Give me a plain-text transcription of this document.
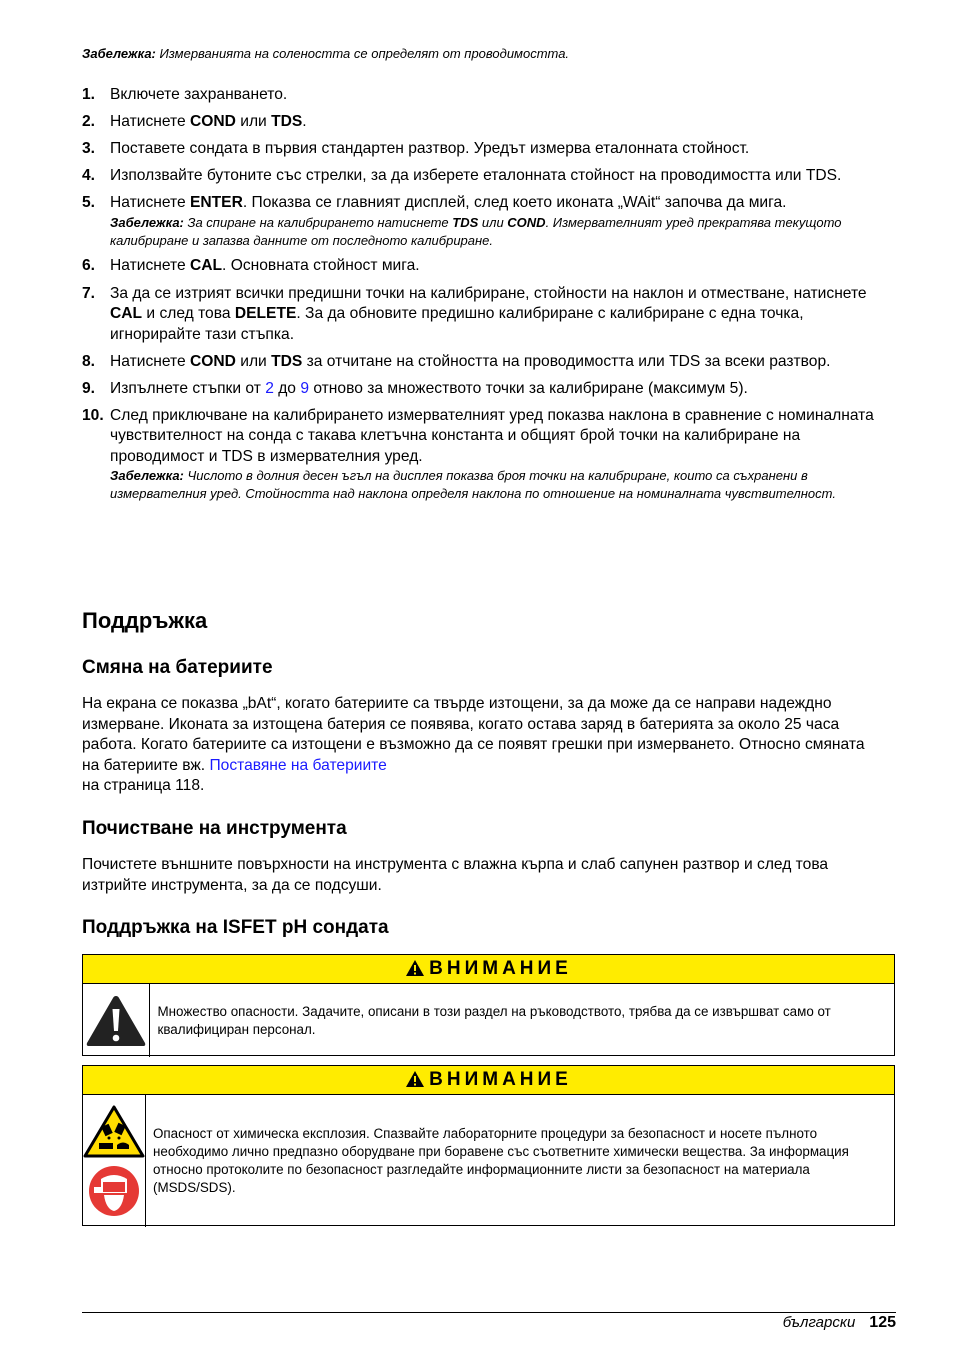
Забележка: Измерванията на солеността се определят от проводимостта.
1. Включете захранването.
2. Натиснете COND или TDS.
3. Поставете сондата в първия стандартен разтвор. Уредът измерва еталонната стойност.
4. Използвайте бутоните със стрелки, за да изберете еталонната стойност на проводимостта или TDS.
5. Натиснете ENTER. Показва се главният дисплей, след което иконата „WAit“ започва да мига.
Забележка: За спиране на калибрирането натиснете TDS или COND. Измервателният уред прекратява текущото калибриране и запазва данните от последното калибриране.
6. Натиснете CAL. Основната стойност мига.
7. За да се изтрият всички предишни точки на калибриране, стойности на наклон и отместване, натиснете CAL и след това DELETE. За да обновите предишно калибриране с калибриране с една точка, игнорирайте тази стъпка.
8. Натиснете COND или TDS за отчитане на стойността на проводимостта или TDS за всеки разтвор.
9. Изпълнете стъпки от 2 до 9 отново за множеството точки за калибриране (максимум 5).
10. След приключване на калибрирането измервателният уред показва наклона в сравнение с номиналната чувствителност на сонда с такава клетъчна константа и общият брой точки на калибриране на проводимост и TDS в измервателния уред.
Забележка: Числото в долния десен ъгъл на дисплея показва броя точки на калибриране, които са съхранени в измервателния уред. Стойността над наклона определя наклона по отношение на номиналната чувствителност.
Поддръжка
Смяна на батериите

На екрана се показва „bAt“, когато батериите са твърде изтощени, за да може да се направи надеждно измерване. Иконата за изтощена батерия се появява, когато остава заряд в батерията за около 25 часа работа. Когато батериите са изтощени е възможно да се появят грешки при измерването. Относно смяната на батериите вж. Поставяне на батериите
на страница 118.

Почистване на инструмента

Почистете външните повърхности на инструмента с влажна кърпа и слаб сапунен разтвор и след това изтрийте инструмента, за да се подсуши.

Поддръжка на ISFET pH сондата
ВНИМАНИЕ
Множество опасности. Задачите, описани в този раздел на ръководството, трябва да се извършват само от квалифициран персонал.
ВНИМАНИЕ
Опасност от химическа експлозия. Спазвайте лабораторните процедури за безопасност и носете пълното необходимо лично предпазно оборудване при боравене със съответните химически вещества. За информация относно протоколите по безопасност разгледайте информационните листи за безопасност на материала (MSDS/SDS).
български 125
